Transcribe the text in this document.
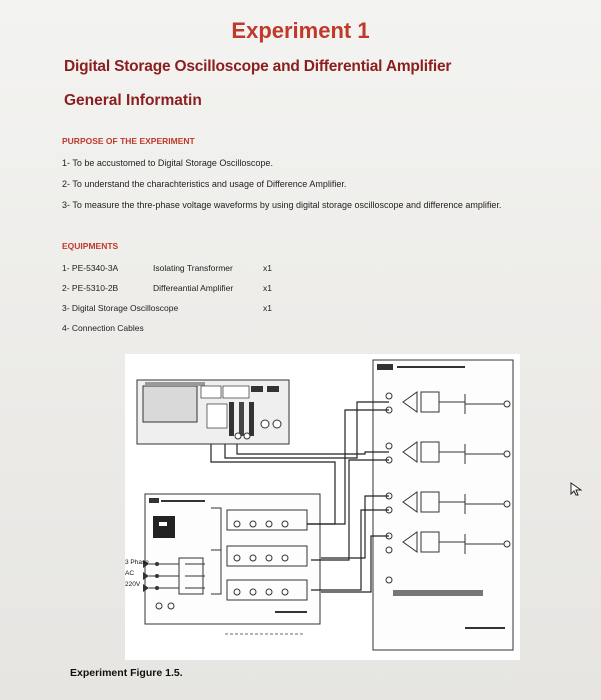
Experiment 1
Digital Storage Oscilloscope and Differential Amplifier
General Informatin
PURPOSE OF THE EXPERIMENT
1- To be accustomed to Digital Storage Oscilloscope.
2- To understand the charachteristics and usage of Difference Amplifier.
3- To measure the thre-phase voltage waveforms by using digital storage oscilloscope and difference amplifier.
EQUIPMENTS
1- PE-5340-3A	Isolating Transformer	x1
2- PE-5310-2B	Differeantial Amplifier	x1
3- Digital Storage Oscilloscope	x1
4- Connection Cables
3 Phase
AC
220V
Experiment Figure 1.5.
